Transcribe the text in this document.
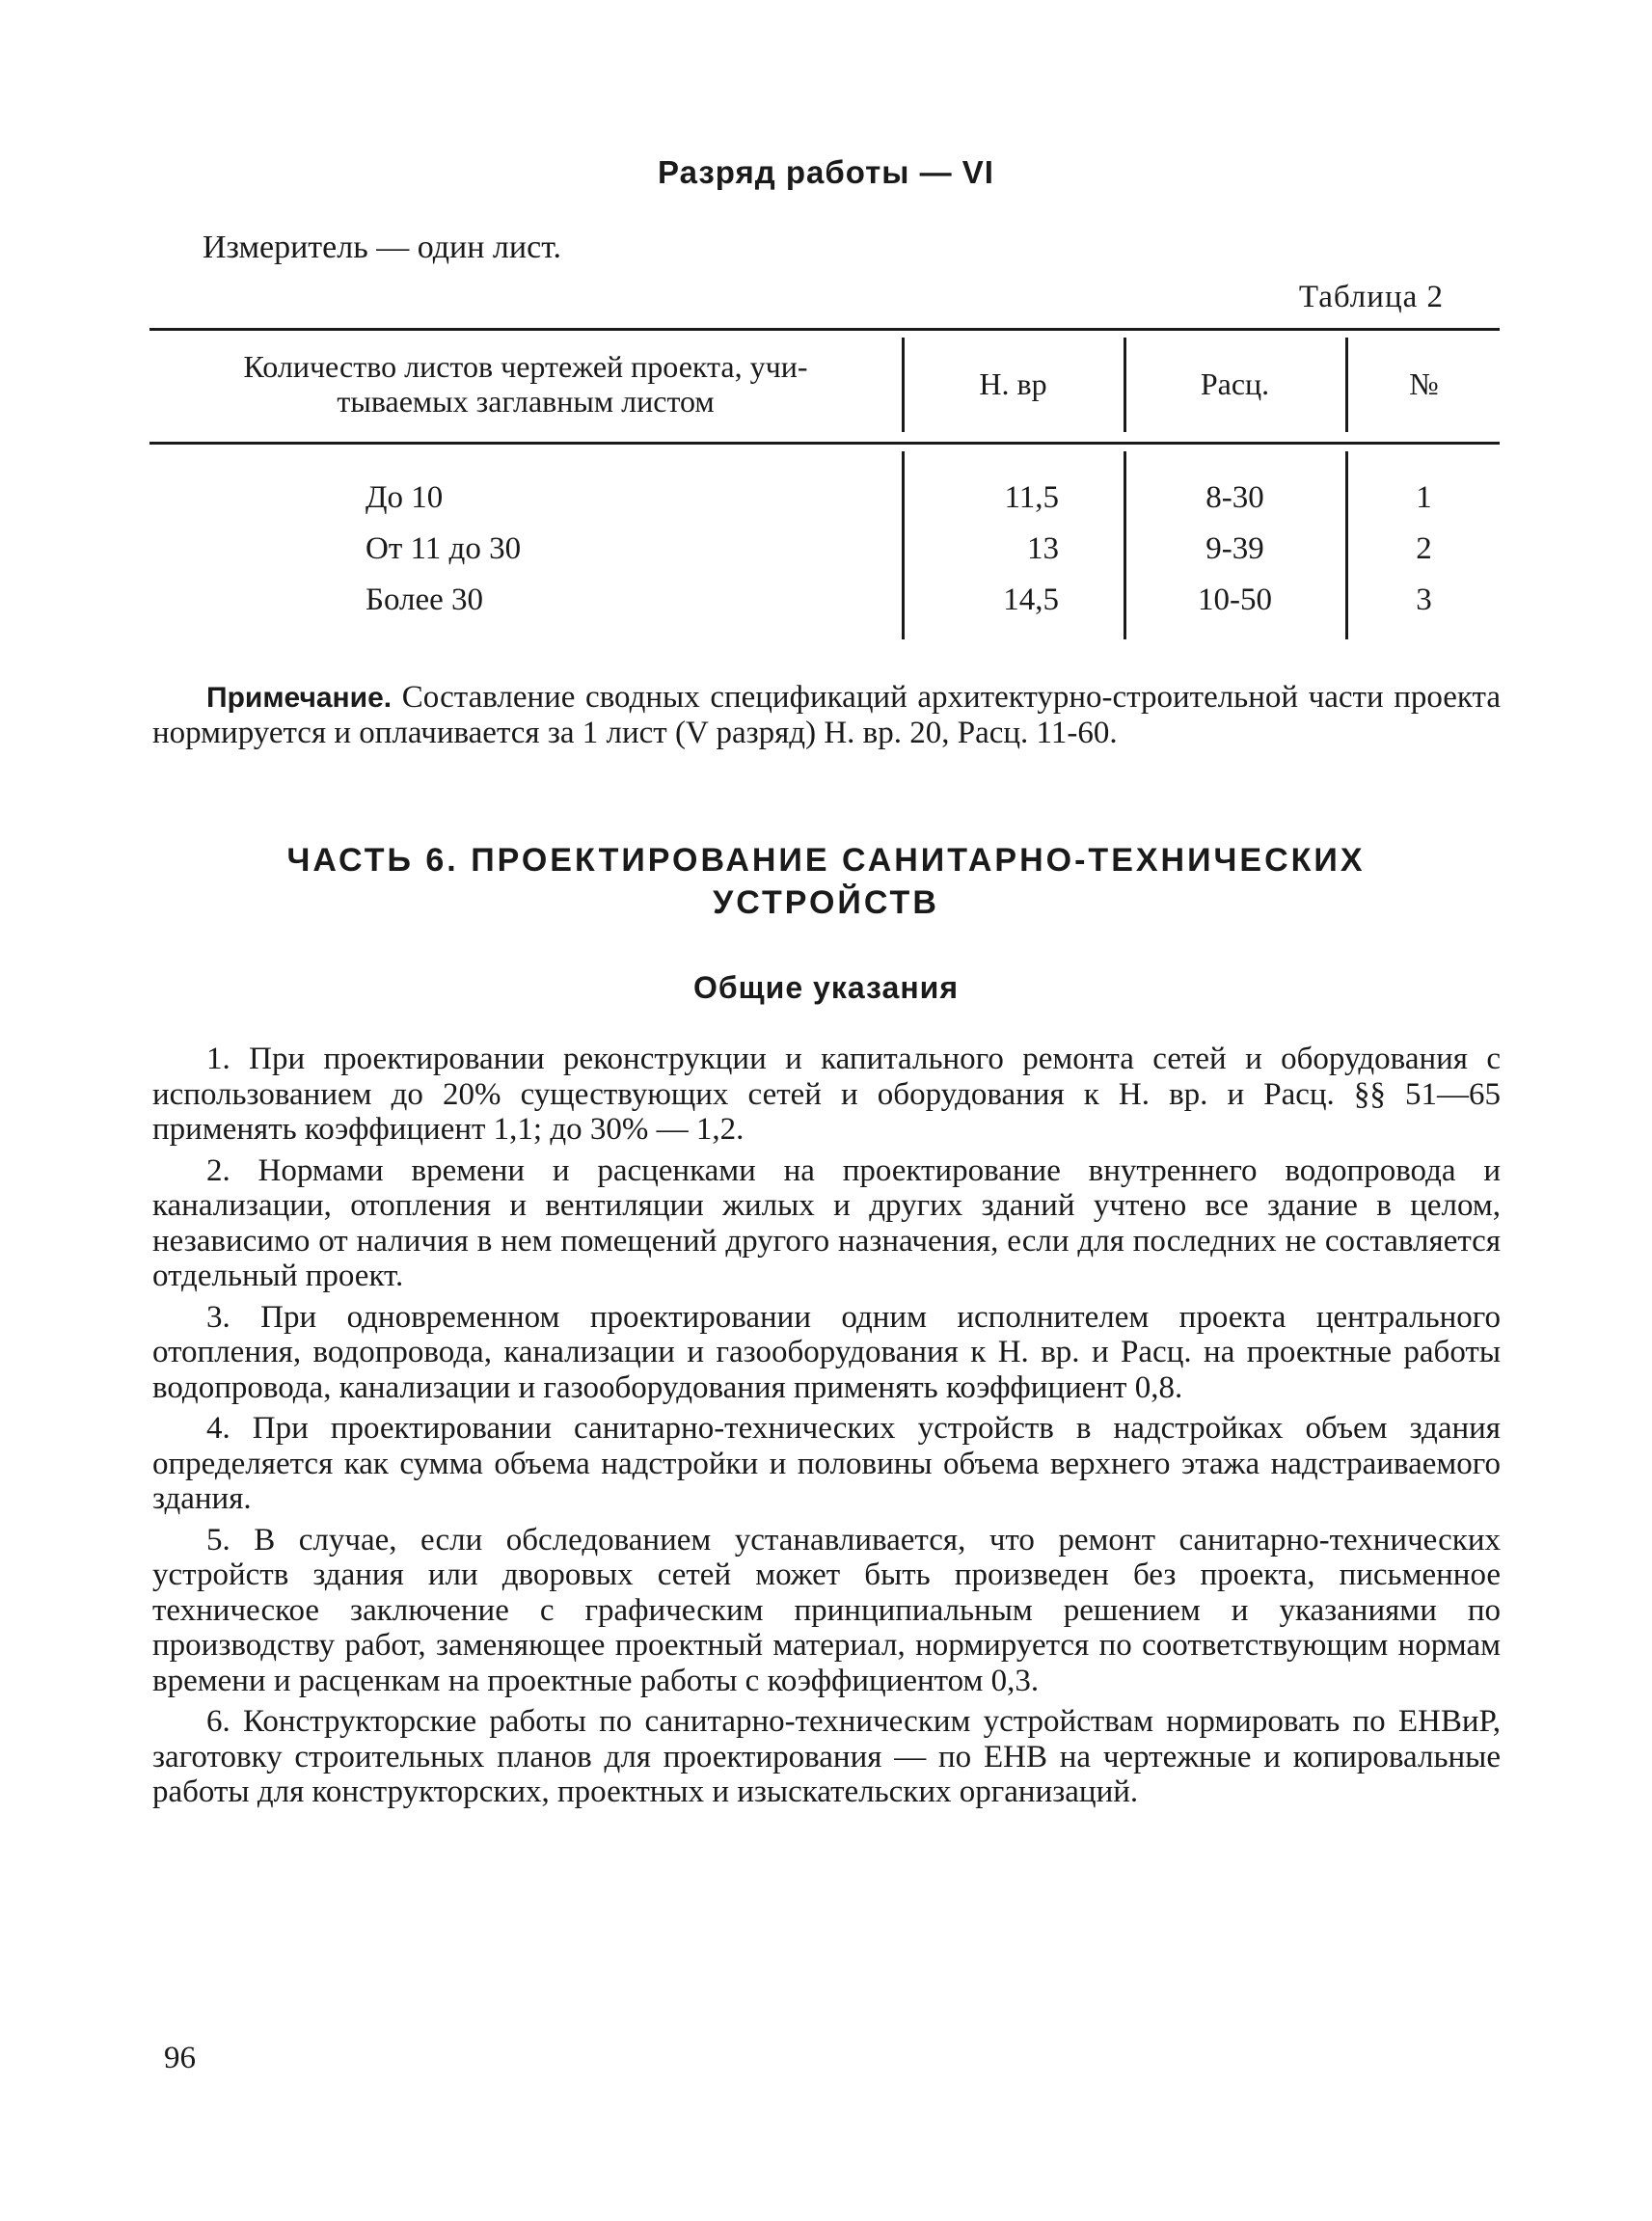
Разряд работы — VI

Измеритель — один лист.

Таблица 2

Количество листов чертежей проекта, учи-
тываемых заглавным листом	Н. вр	Расц.	№
До 10	11,5	8-30	1
От 11 до 30	13	9-39	2
Более 30	14,5	10-50	3

Примечание. Составление сводных спецификаций архитектурно-строительной части проекта нормируется и оплачивается за 1 лист (V разряд) Н. вр. 20, Расц. 11-60.

ЧАСТЬ 6. ПРОЕКТИРОВАНИЕ САНИТАРНО-ТЕХНИЧЕСКИХ
УСТРОЙСТВ
Общие указания

1. При проектировании реконструкции и капитального ремонта сетей и оборудования с использованием до 20% существующих сетей и оборудования к Н. вр. и Расц. §§ 51—65 применять коэффициент 1,1; до 30% — 1,2.

2. Нормами времени и расценками на проектирование внутреннего водопровода и канализации, отопления и вентиляции жилых и других зданий учтено все здание в целом, независимо от наличия в нем помещений другого назначения, если для последних не составляется отдельный проект.

3. При одновременном проектировании одним исполнителем проекта центрального отопления, водопровода, канализации и газооборудования к Н. вр. и Расц. на проектные работы водопровода, канализации и газооборудования применять коэффициент 0,8.

4. При проектировании санитарно-технических устройств в надстройках объем здания определяется как сумма объема надстройки и половины объема верхнего этажа надстраиваемого здания.

5. В случае, если обследованием устанавливается, что ремонт санитарно-технических устройств здания или дворовых сетей может быть произведен без проекта, письменное техническое заключение с графическим принципиальным решением и указаниями по производству работ, заменяющее проектный материал, нормируется по соответствующим нормам времени и расценкам на проектные работы с коэффициентом 0,3.

6. Конструкторские работы по санитарно-техническим устройствам нормировать по ЕНВиР, заготовку строительных планов для проектирования — по ЕНВ на чертежные и копировальные работы для конструкторских, проектных и изыскательских организаций.

96
